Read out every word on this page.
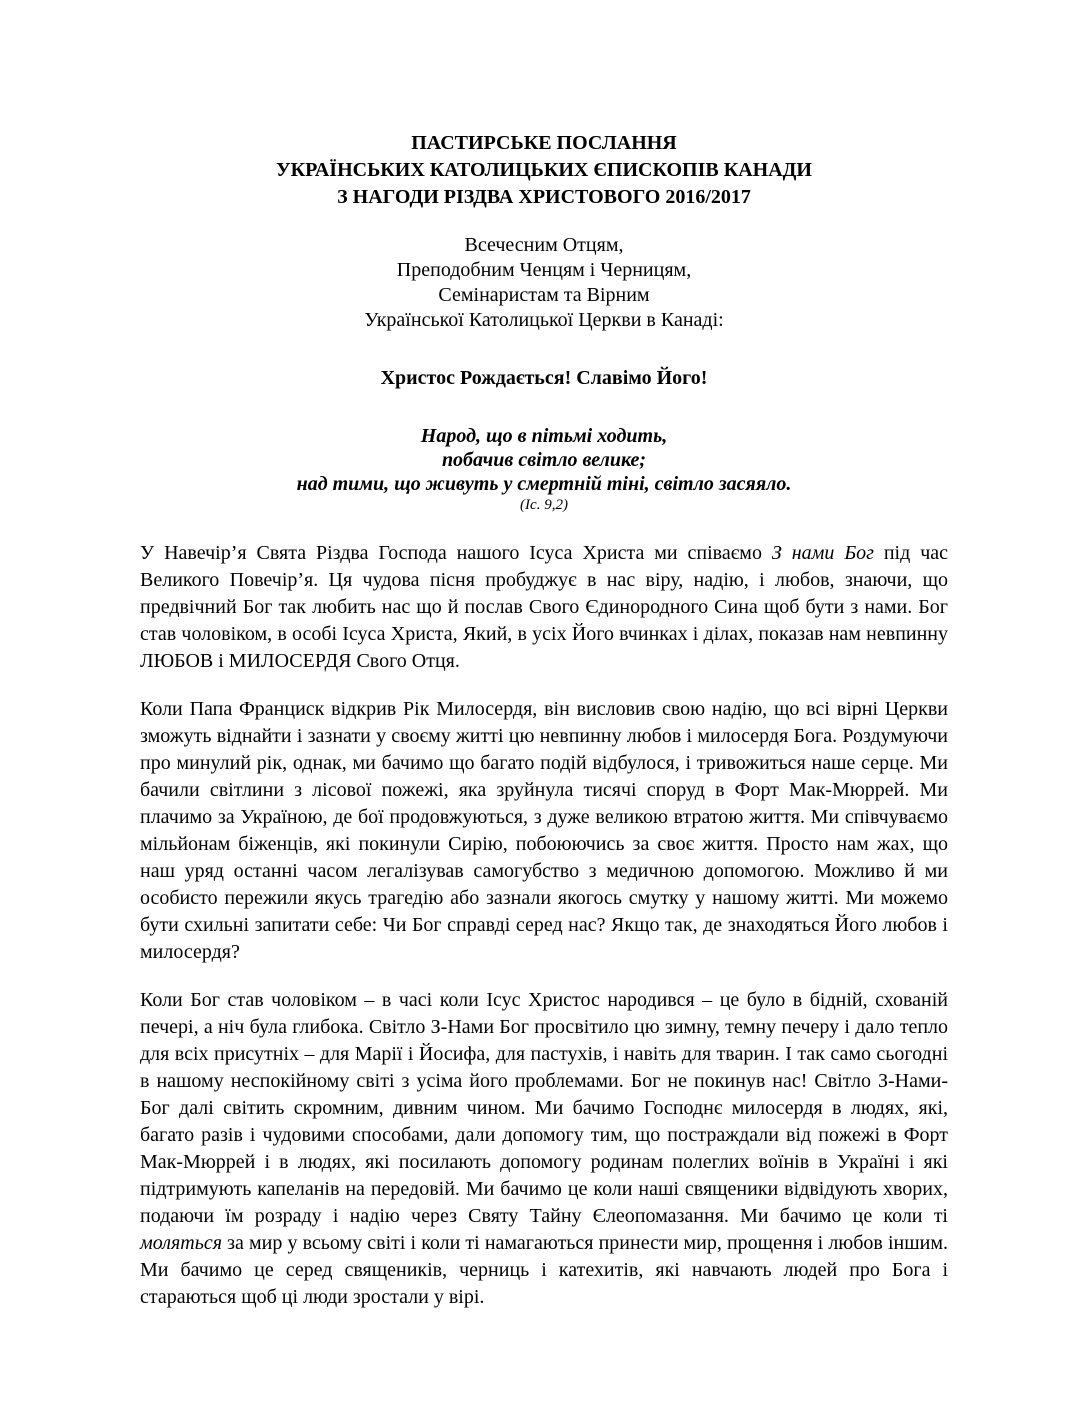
ПАСТИРСЬКЕ ПОСЛАННЯ
УКРАЇНСЬКИХ КАТОЛИЦЬКИХ ЄПИСКОПІВ КАНАДИ
З НАГОДИ РІЗДВА ХРИСТОВОГО 2016/2017
Всечесним Отцям,
Преподобним Ченцям і Черницям,
Семінаристам та Вірним
Української Католицької Церкви в Канаді:
Христос Рождається! Славімо Його!
Народ, що в пітьмі ходить,
побачив світло велике;
над тими, що живуть у смертній тіні, світло засяяло.
(Іс. 9,2)

У Навечір’я Свята Різдва Господа нашого Ісуса Христа ми співаємо З нами Бог під час Великого Повечір’я. Ця чудова пісня пробуджує в нас віру, надію, і любов, знаючи, що предвічний Бог так любить нас що й послав Свого Єдинородного Сина щоб бути з нами. Бог став чоловіком, в особі Ісуса Христа, Який, в усіх Його вчинках і ділах, показав нам невпинну ЛЮБОВ і МИЛОСЕРДЯ Свого Отця.

Коли Папа Франциск відкрив Рік Милосердя, він висловив свою надію, що всі вірні Церкви зможуть віднайти і зазнати у своєму житті цю невпинну любов і милосердя Бога. Роздумуючи про минулий рік, однак, ми бачимо що багато подій відбулося, і тривожиться наше серце. Ми бачили світлини з лісової пожежі, яка зруйнула тисячі споруд в Форт Мак-Мюррей. Ми плачимо за Україною, де бої продовжуються, з дуже великою втратою життя. Ми співчуваємо мільйонам біженців, які покинули Сирію, побоюючись за своє життя. Просто нам жах, що наш уряд останні часом легалізував самогубство з медичною допомогою. Можливо й ми особисто пережили якусь трагедію або зазнали якогось смутку у нашому житті. Ми можемо бути схильні запитати себе: Чи Бог справді серед нас? Якщо так, де знаходяться Його любов і милосердя?

Коли Бог став чоловіком – в часі коли Ісус Христос народився – це було в бідній, схованій печері, а ніч була глибока. Світло З-Нами Бог просвітило цю зимну, темну печеру і дало тепло для всіх присутніх – для Марії і Йосифа, для пастухів, і навіть для тварин. І так само сьогодні в нашому неспокійному світі з усіма його проблемами. Бог не покинув нас! Світло З-Нами-Бог далі світить скромним, дивним чином. Ми бачимо Господнє милосердя в людях, які, багато разів і чудовими способами, дали допомогу тим, що постраждали від пожежі в Форт Мак-Мюррей і в людях, які посилають допомогу родинам полеглих воїнів в Україні і які підтримують капеланів на передовій. Ми бачимо це коли наші священики відвідують хворих, подаючи їм розраду і надію через Святу Тайну Єлеопомазання. Ми бачимо це коли ті моляться за мир у всьому світі і коли ті намагаються принести мир, прощення і любов іншим. Ми бачимо це серед священиків, черниць і катехитів, які навчають людей про Бога і стараються щоб ці люди зростали у вірі.
